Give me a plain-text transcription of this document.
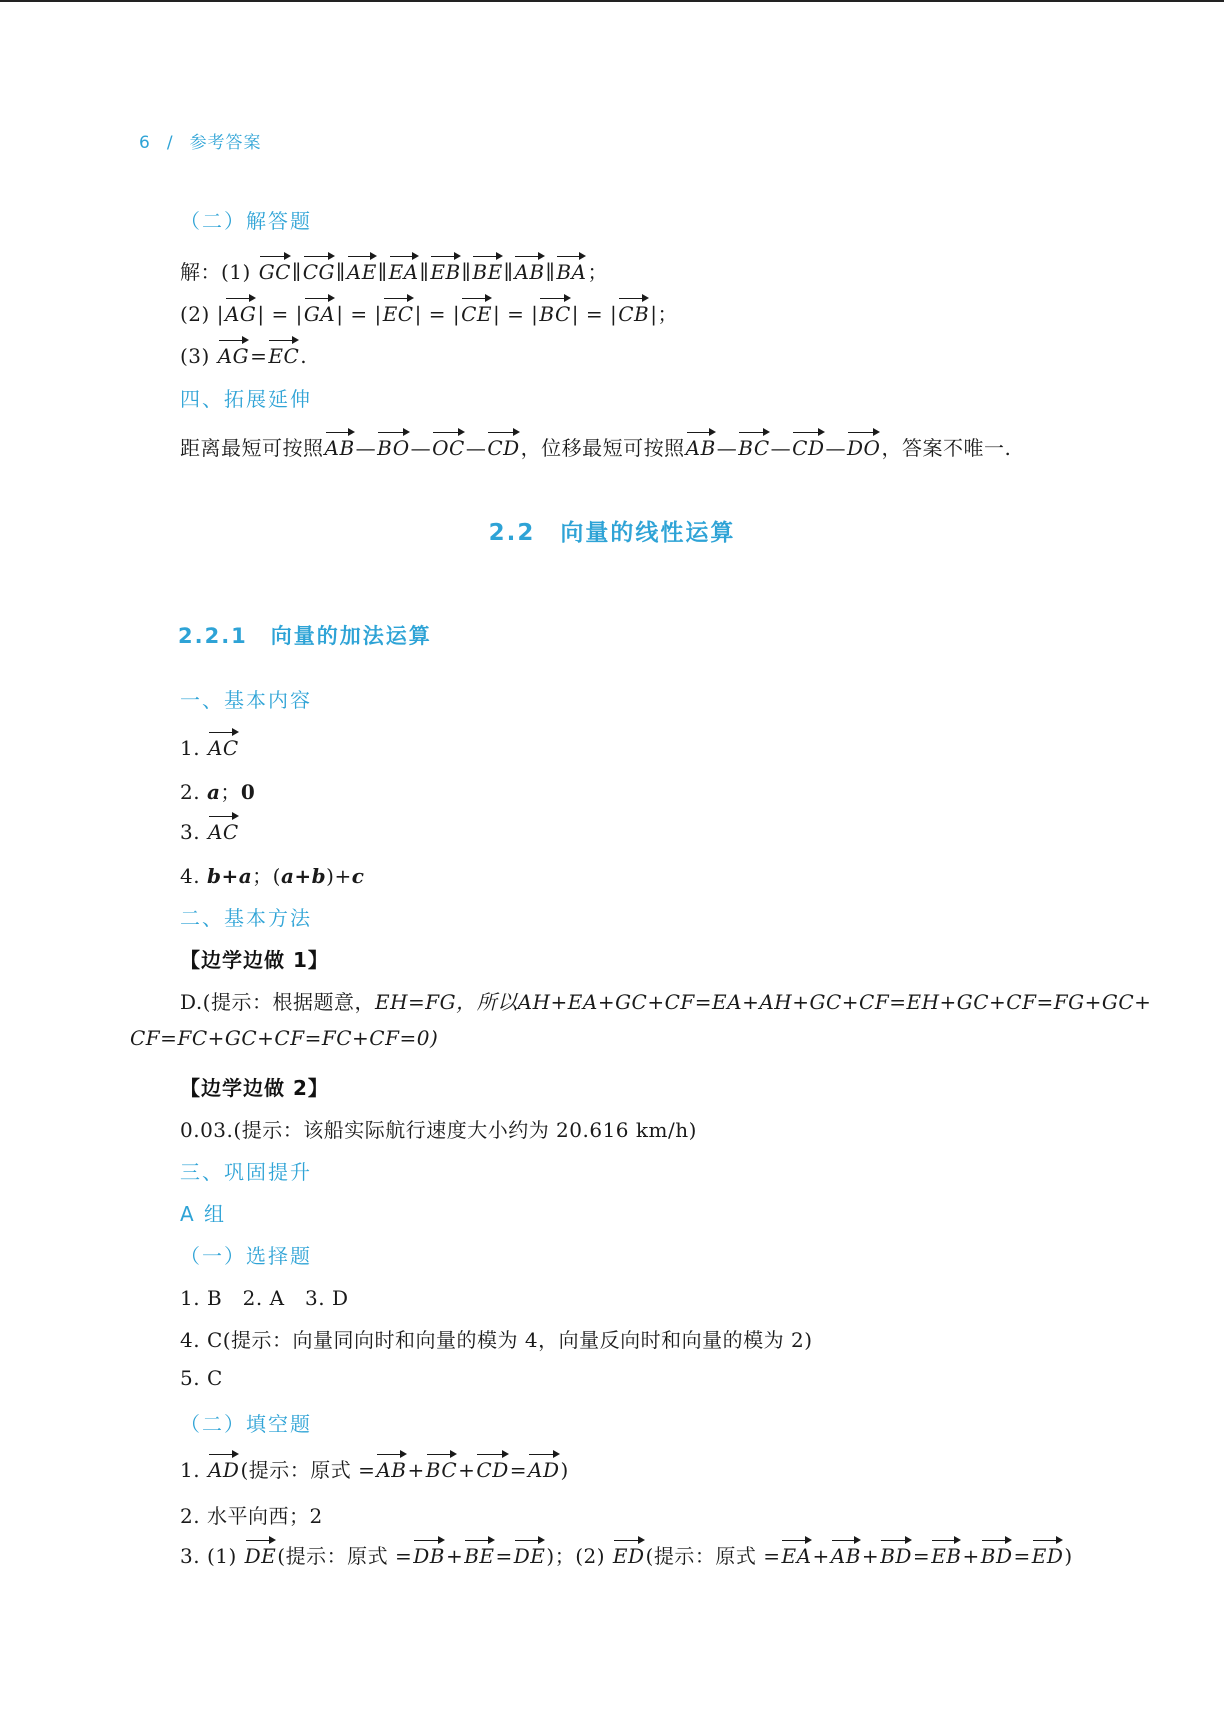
6 / 参考答案
（二）解答题
解：(1) GC∥CG∥AE∥EA∥EB∥BE∥AB∥BA；
(2) |AG| = |GA| = |EC| = |CE| = |BC| = |CB|；
(3) AG=EC.
四、拓展延伸
距离最短可按照AB—BO—OC—CD，位移最短可按照AB—BC—CD—DO，答案不唯一.
2.2　向量的线性运算
2.2.1　向量的加法运算
一、基本内容
1. AC
2. a；0
3. AC
4. b+a；(a+b)+c
二、基本方法
【边学边做 1】
D.(提示：根据题意，EH=FG，所以AH+EA+GC+CF=EA+AH+GC+CF=EH+GC+CF=FG+GC+
CF=FC+GC+CF=FC+CF=0)
【边学边做 2】
0.03.(提示：该船实际航行速度大小约为 20.616 km/h)
三、巩固提升
A 组
（一）选择题
1. B　2. A　3. D
4. C(提示：向量同向时和向量的模为 4，向量反向时和向量的模为 2)
5. C
（二）填空题
1. AD(提示：原式 =AB+BC+CD=AD)
2. 水平向西；2
3. (1) DE(提示：原式 =DB+BE=DE)；(2) ED(提示：原式 =EA+AB+BD=EB+BD=ED)
